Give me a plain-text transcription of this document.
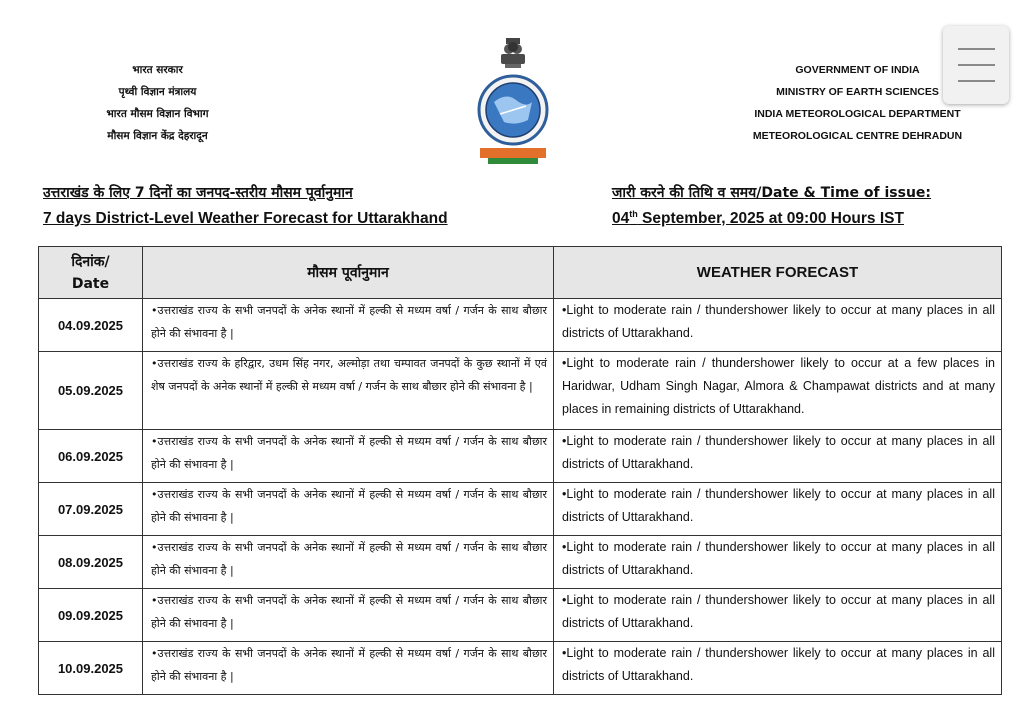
भारत सरकार
पृथ्वी विज्ञान मंत्रालय
भारत मौसम विज्ञान विभाग
मौसम विज्ञान केंद्र देहरादून
GOVERNMENT OF INDIA
MINISTRY OF EARTH SCIENCES
INDIA METEOROLOGICAL DEPARTMENT
METEOROLOGICAL CENTRE DEHRADUN
उत्तराखंड के लिए 7 दिनों का जनपद-स्तरीय मौसम पूर्वानुमान
7 days District-Level Weather Forecast for Uttarakhand
जारी करने की तिथि व समय/Date & Time of issue:
04th September, 2025 at 09:00 Hours IST
दिनांक/
Date	मौसम पूर्वानुमान	WEATHER FORECAST
04.09.2025	•उत्तराखंड राज्य के सभी जनपदों के अनेक स्थानों में हल्की से मध्यम वर्षा / गर्जन के साथ बौछार होने की संभावना है |	•Light to moderate rain / thundershower likely to occur at many places in all districts of Uttarakhand.
05.09.2025	•उत्तराखंड राज्य के हरिद्वार, उधम सिंह नगर, अल्मोड़ा तथा चम्पावत जनपदों के कुछ स्थानों में एवं शेष जनपदों के अनेक स्थानों में हल्की से मध्यम वर्षा / गर्जन के साथ बौछार होने की संभावना है |	•Light to moderate rain / thundershower likely to occur at a few places in Haridwar, Udham Singh Nagar, Almora & Champawat districts and at many places in remaining districts of Uttarakhand.
06.09.2025	•उत्तराखंड राज्य के सभी जनपदों के अनेक स्थानों में हल्की से मध्यम वर्षा / गर्जन के साथ बौछार होने की संभावना है |	•Light to moderate rain / thundershower likely to occur at many places in all districts of Uttarakhand.
07.09.2025	•उत्तराखंड राज्य के सभी जनपदों के अनेक स्थानों में हल्की से मध्यम वर्षा / गर्जन के साथ बौछार होने की संभावना है |	•Light to moderate rain / thundershower likely to occur at many places in all districts of Uttarakhand.
08.09.2025	•उत्तराखंड राज्य के सभी जनपदों के अनेक स्थानों में हल्की से मध्यम वर्षा / गर्जन के साथ बौछार होने की संभावना है |	•Light to moderate rain / thundershower likely to occur at many places in all districts of Uttarakhand.
09.09.2025	•उत्तराखंड राज्य के सभी जनपदों के अनेक स्थानों में हल्की से मध्यम वर्षा / गर्जन के साथ बौछार होने की संभावना है |	•Light to moderate rain / thundershower likely to occur at many places in all districts of Uttarakhand.
10.09.2025	•उत्तराखंड राज्य के सभी जनपदों के अनेक स्थानों में हल्की से मध्यम वर्षा / गर्जन के साथ बौछार होने की संभावना है |	•Light to moderate rain / thundershower likely to occur at many places in all districts of Uttarakhand.
